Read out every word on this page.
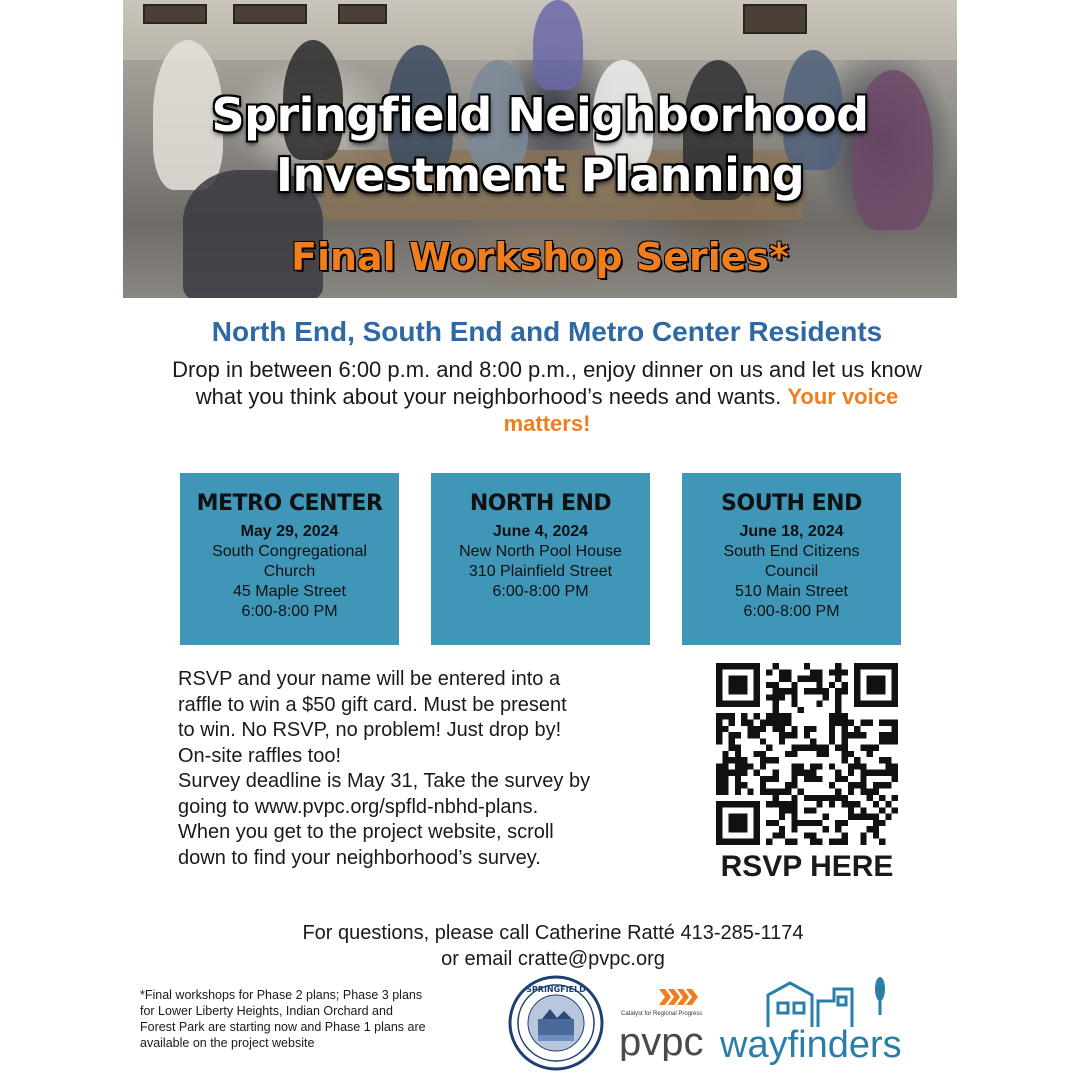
Springfield Neighborhood
Investment Planning
Final Workshop Series*
North End, South End and Metro Center Residents
Drop in between 6:00 p.m. and 8:00 p.m., enjoy dinner on us and let us know what you think about your neighborhood’s needs and wants. Your voice matters!
METRO CENTER
May 29, 2024
South Congregational
Church
45 Maple Street
6:00-8:00 PM
NORTH END
June 4, 2024
New North Pool House
310 Plainfield Street
6:00-8:00 PM
SOUTH END
June 18, 2024
South End Citizens
Council
510 Main Street
6:00-8:00 PM
RSVP and your name will be entered into a
raffle to win a $50 gift card. Must be present
to win. No RSVP, no problem! Just drop by!
On-site raffles too!
Survey deadline is May 31, Take the survey by
going to www.pvpc.org/spfld-nbhd-plans.
When you get to the project website, scroll
down to find your neighborhood’s survey.	RSVP HERE
For questions, please call Catherine Ratté 413-285-1174
or email cratte@pvpc.org
*Final workshops for Phase 2 plans; Phase 3 plans
for Lower Liberty Heights, Indian Orchard and
Forest Park are starting now and Phase 1 plans are
available on the project website
SPRINGFIELD
Catalyst for Regional Progress
pvpc wayfinders
